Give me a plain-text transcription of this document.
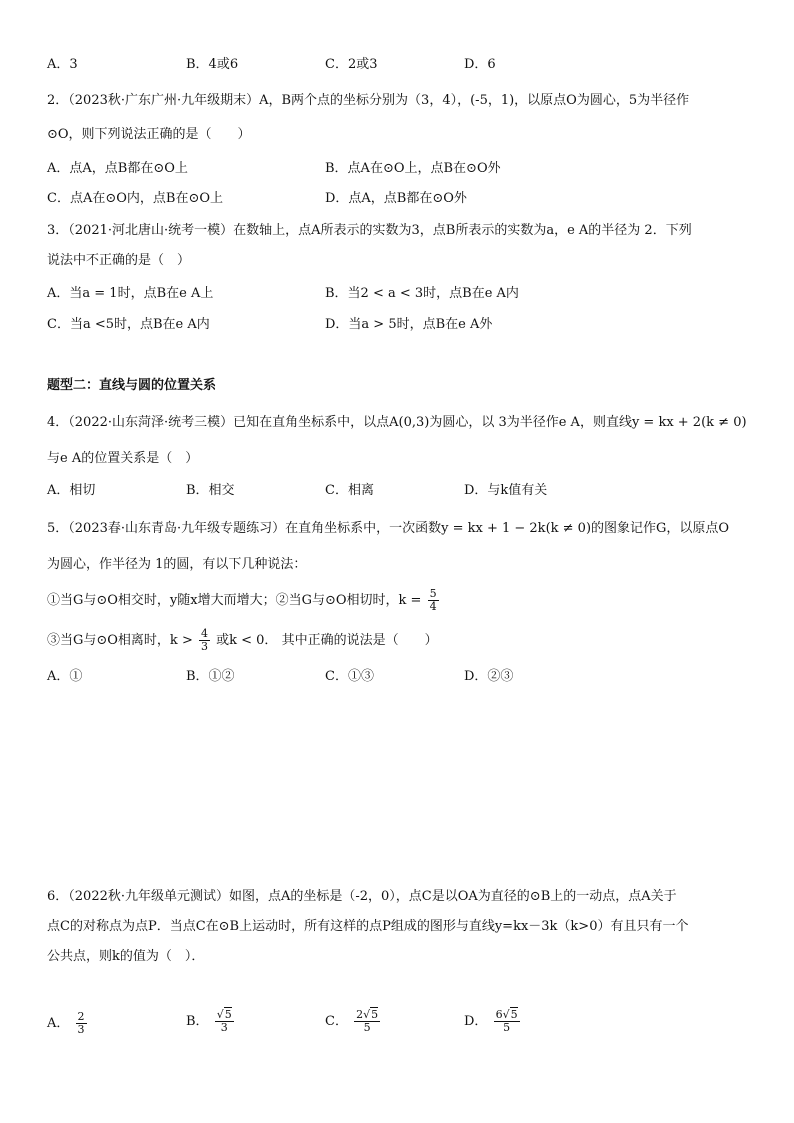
A．3	B．4或6	C．2或3	D．6
2．（2023秋·广东广州·九年级期末）A，B两个点的坐标分别为（3，4），(-5，1)，以原点O为圆心，5为半径作
⊙O，则下列说法正确的是（　　）
A．点A，点B都在⊙O上	B．点A在⊙O上，点B在⊙O外
C．点A在⊙O内，点B在⊙O上	D．点A，点B都在⊙O外
3．（2021·河北唐山·统考一模）在数轴上，点A所表示的实数为3，点B所表示的实数为a，e A的半径为 2．下列
说法中不正确的是（　）
A．当a = 1时，点B在e A上	B．当2 < a < 3时，点B在e A内
C．当a <5时，点B在e A内	D．当a > 5时，点B在e A外
题型二：直线与圆的位置关系
4．（2022·山东菏泽·统考三模）已知在直角坐标系中，以点A(0,3)为圆心，以 3为半径作e A，则直线y = kx + 2(k ≠ 0)
与e A的位置关系是（　）
A．相切	B．相交	C．相离	D．与k值有关
5．（2023春·山东青岛·九年级专题练习）在直角坐标系中，一次函数y = kx + 1 − 2k(k ≠ 0)的图象记作G，以原点O
为圆心，作半径为 1的圆，有以下几种说法：
①当G与⊙O相交时，y随x增大而增大；②当G与⊙O相切时，$k = \frac{5}{4}$
③当G与⊙O相离时，$k > \frac{4}{3}$ 或k < 0． 其中正确的说法是（　　）
A．①	B．①②	C．①③	D．②③
6．（2022秋·九年级单元测试）如图，点A的坐标是（-2，0），点C是以OA为直径的⊙B上的一动点，点A关于
点C的对称点为点P．当点C在⊙B上运动时，所有这样的点P组成的图形与直线y=kx－3k（k>0）有且只有一个
公共点，则k的值为（　）．
A． $\frac{2}{3}$	B． $\frac{√5}{3}$	C． $\frac{2√5}{5}$	D． $\frac{6√5}{5}$
